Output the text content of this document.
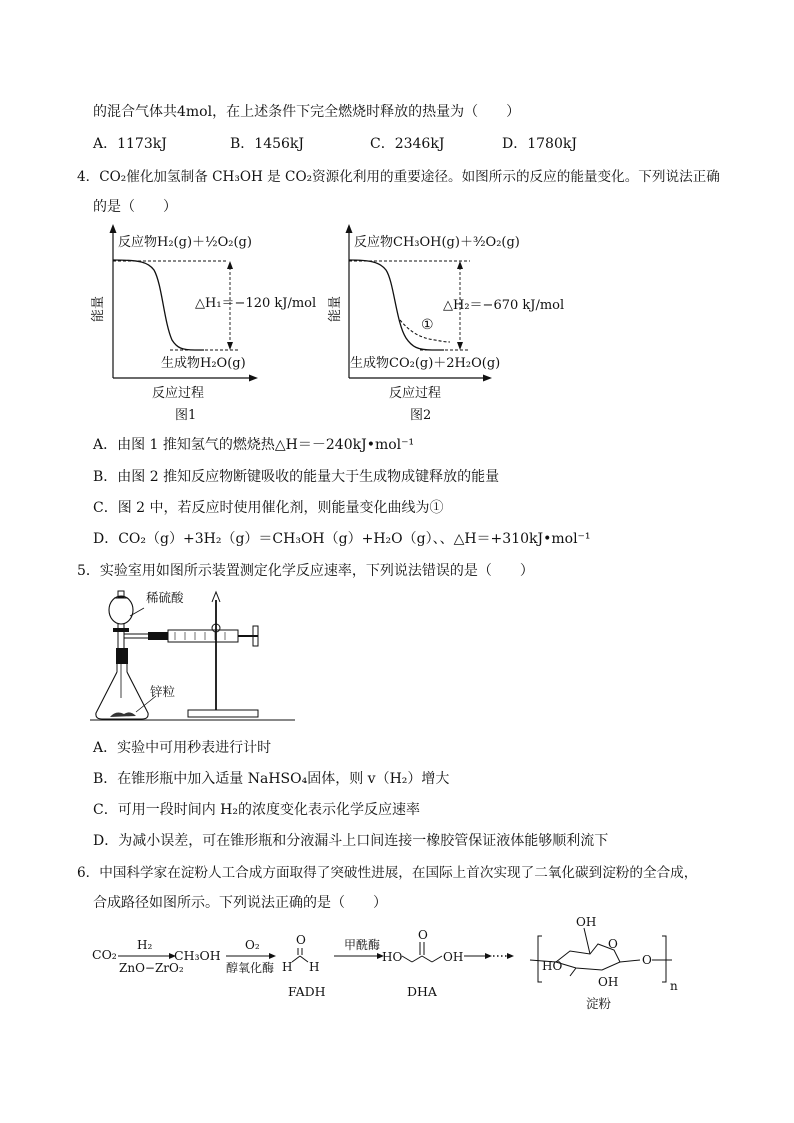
的混合气体共4mol，在上述条件下完全燃烧时释放的热量为（　　）
A．1173kJ	B．1456kJ	C．2346kJ	D．1780kJ
4．CO₂催化加氢制备 CH₃OH 是 CO₂资源化利用的重要途径。如图所示的反应的能量变化。下列说法正确
的是（　　）
反应物H₂(g)＋½O₂(g)
生成物H₂O(g)
△H₁＝−120 kJ/mol
能量
反应过程
图1
反应物CH₃OH(g)＋³⁄₂O₂(g)
生成物CO₂(g)＋2H₂O(g)
△H₂＝−670 kJ/mol
①
能量
反应过程
图2
A．由图 1 推知氢气的燃烧热△H＝－240kJ•mol⁻¹
B．由图 2 推知反应物断键吸收的能量大于生成物成键释放的能量
C．图 2 中，若反应时使用催化剂，则能量变化曲线为①
D．CO₂（g）+3H₂（g）＝CH₃OH（g）+H₂O（g）、、△H＝+310kJ•mol⁻¹
5．实验室用如图所示装置测定化学反应速率，下列说法错误的是（　　）
稀硫酸
锌粒
A．实验中可用秒表进行计时
B．在锥形瓶中加入适量 NaHSO₄固体，则 v（H₂）增大
C．可用一段时间内 H₂的浓度变化表示化学反应速率
D．为减小误差，可在锥形瓶和分液漏斗上口间连接一橡胶管保证液体能够顺利流下
6．中国科学家在淀粉人工合成方面取得了突破性进展，在国际上首次实现了二氧化碳到淀粉的全合成，
合成路径如图所示。下列说法正确的是（　　）
CO₂
H₂
ZnO−ZrO₂
CH₃OH
O₂
醇氧化酶
O
H H
FADH
甲酰酶
HO
O
OH
DHA
OH
O
HO
OH
O
n
淀粉
